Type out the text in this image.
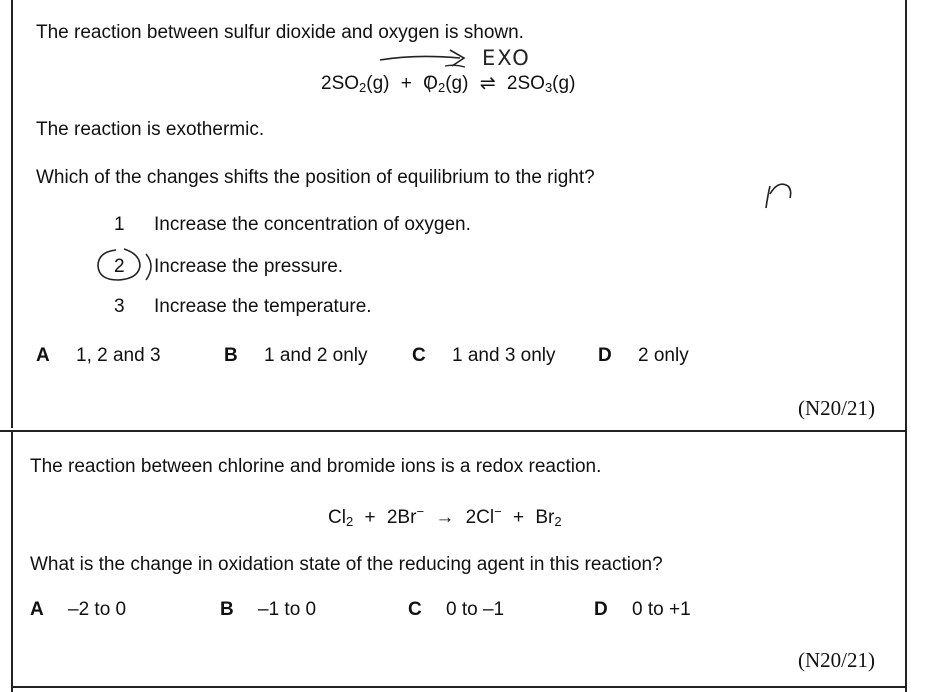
The reaction between sulfur dioxide and oxygen is shown.
$2SO_2(g) + O_2(g)$ ⇌ $2SO_3(g)$
EXO
The reaction is exothermic.
Which of the changes shifts the position of equilibrium to the right?
1 Increase the concentration of oxygen.
2 Increase the pressure.
3 Increase the temperature.
A 1, 2 and 3	B 1 and 2 only C 1 and 3 only D 2 only
(N20/21)
The reaction between chlorine and bromide ions is a redox reaction.
$Cl_2 + 2Br^- \to 2Cl^- + Br_2$
What is the change in oxidation state of the reducing agent in this reaction?
A –2 to 0	B –1 to 0	C 0 to –1	D 0 to +1
(N20/21)
